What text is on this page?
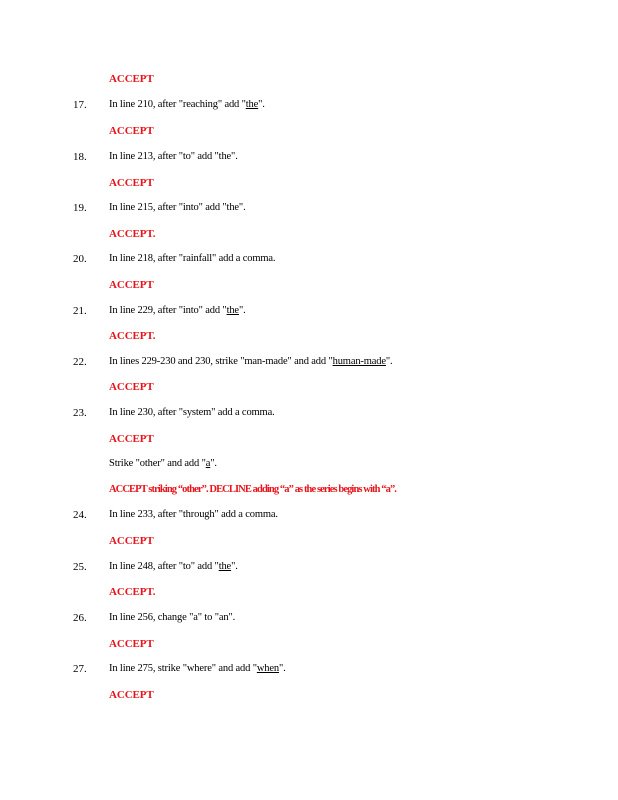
ACCEPT
17. In line 210, after "reaching" add "the".
ACCEPT
18. In line 213, after "to" add "the".
ACCEPT
19. In line 215, after "into" add "the".
ACCEPT.
20. In line 218, after "rainfall" add a comma.
ACCEPT
21. In line 229, after "into" add "the".
ACCEPT.
22. In lines 229-230 and 230, strike "man-made" and add "human-made".
ACCEPT
23. In line 230, after "system" add a comma.
ACCEPT
Strike "other" and add "a".
ACCEPT striking “other”. DECLINE adding “a” as the series begins with “a”.
24. In line 233, after "through" add a comma.
ACCEPT
25. In line 248, after "to" add "the".
ACCEPT.
26. In line 256, change "a" to "an".
ACCEPT
27. In line 275, strike "where" and add "when".
ACCEPT
